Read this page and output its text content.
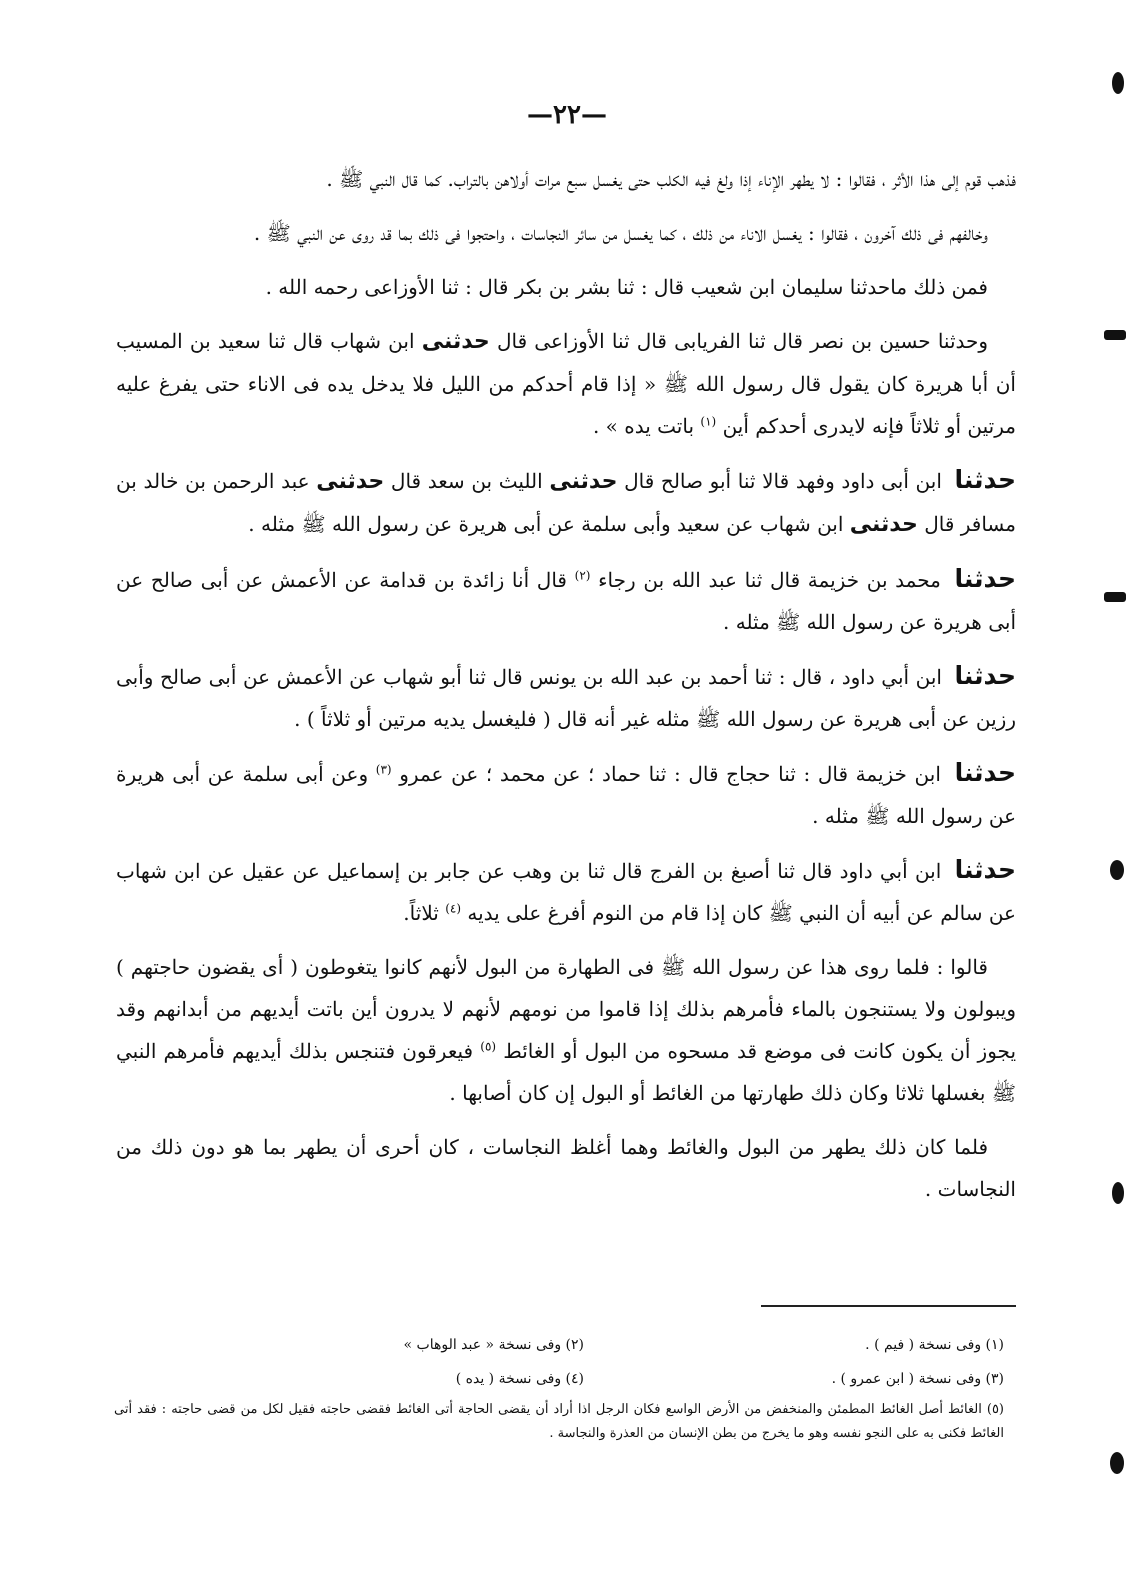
—٢٢—

فذهب قوم إلى هذا الأثر ، فقالوا : لا يطهر الإناء إذا ولغ فيه الكلب حتى يغسل سبع مرات أولاهن بالتراب. كما قال النبي ﷺ .

وخالفهم فى ذلك آخرون ، فقالوا : يغسل الاناء من ذلك ، كما يغسل من سائر النجاسات ، واحتجوا فى ذلك بما قد روى عن النبي ﷺ .

فمن ذلك ماحدثنا سليمان ابن شعيب قال : ثنا بشر بن بكر قال : ثنا الأوزاعى رحمه الله .

وحدثنا حسين بن نصر قال ثنا الفريابى قال ثنا الأوزاعى قال حدثنى ابن شهاب قال ثنا سعيد بن المسيب أن أبا هريرة كان يقول قال رسول الله ﷺ « إذا قام أحدكم من الليل فلا يدخل يده فى الاناء حتى يفرغ عليه مرتين أو ثلاثاً فإنه لايدرى أحدكم أين $^{(١)}$ باتت يده » .

حدثنا ابن أبى داود وفهد قالا ثنا أبو صالح قال حدثنى الليث بن سعد قال حدثنى عبد الرحمن بن خالد بن مسافر قال حدثنى ابن شهاب عن سعيد وأبى سلمة عن أبى هريرة عن رسول الله ﷺ مثله .

حدثنا محمد بن خزيمة قال ثنا عبد الله بن رجاء $^{(٢)}$ قال أنا زائدة بن قدامة عن الأعمش عن أبى صالح عن أبى هريرة عن رسول الله ﷺ مثله .

حدثنا ابن أبي داود ، قال : ثنا أحمد بن عبد الله بن يونس قال ثنا أبو شهاب عن الأعمش عن أبى صالح وأبى رزين عن أبى هريرة عن رسول الله ﷺ مثله غير أنه قال ( فليغسل يديه مرتين أو ثلاثاً ) .

حدثنا ابن خزيمة قال : ثنا حجاج قال : ثنا حماد ؛ عن محمد ؛ عن عمرو $^{(٣)}$ وعن أبى سلمة عن أبى هريرة عن رسول الله ﷺ مثله .

حدثنا ابن أبي داود قال ثنا أصبغ بن الفرج قال ثنا بن وهب عن جابر بن إسماعيل عن عقيل عن ابن شهاب عن سالم عن أبيه أن النبي ﷺ كان إذا قام من النوم أفرغ على يديه $^{(٤)}$ ثلاثاً.

قالوا : فلما روى هذا عن رسول الله ﷺ فى الطهارة من البول لأنهم كانوا يتغوطون ( أى يقضون حاجتهم ) ويبولون ولا يستنجون بالماء فأمرهم بذلك إذا قاموا من نومهم لأنهم لا يدرون أين باتت أيديهم من أبدانهم وقد يجوز أن يكون كانت فى موضع قد مسحوه من البول أو الغائط $^{(٥)}$ فيعرقون فتنجس بذلك أيديهم فأمرهم النبي ﷺ بغسلها ثلاثا وكان ذلك طهارتها من الغائط أو البول إن كان أصابها .

فلما كان ذلك يطهر من البول والغائط وهما أغلظ النجاسات ، كان أحرى أن يطهر بما هو دون ذلك من النجاسات .

(١) وفى نسخة ( فيم ) .
(٢) وفى نسخة « عبد الوهاب »
(٣) وفى نسخة ( ابن عمرو ) .
(٤) وفى نسخة ( يده )
(٥) الغائط أصل الغائط المطمئن والمنخفض من الأرض الواسع فكان الرجل اذا أراد أن يقضى الحاجة أتى الغائط فقضى حاجته فقيل لكل من قضى حاجته : فقد أتى الغائط فكنى به على النجو نفسه وهو ما يخرج من بطن الإنسان من العذرة والنجاسة .
